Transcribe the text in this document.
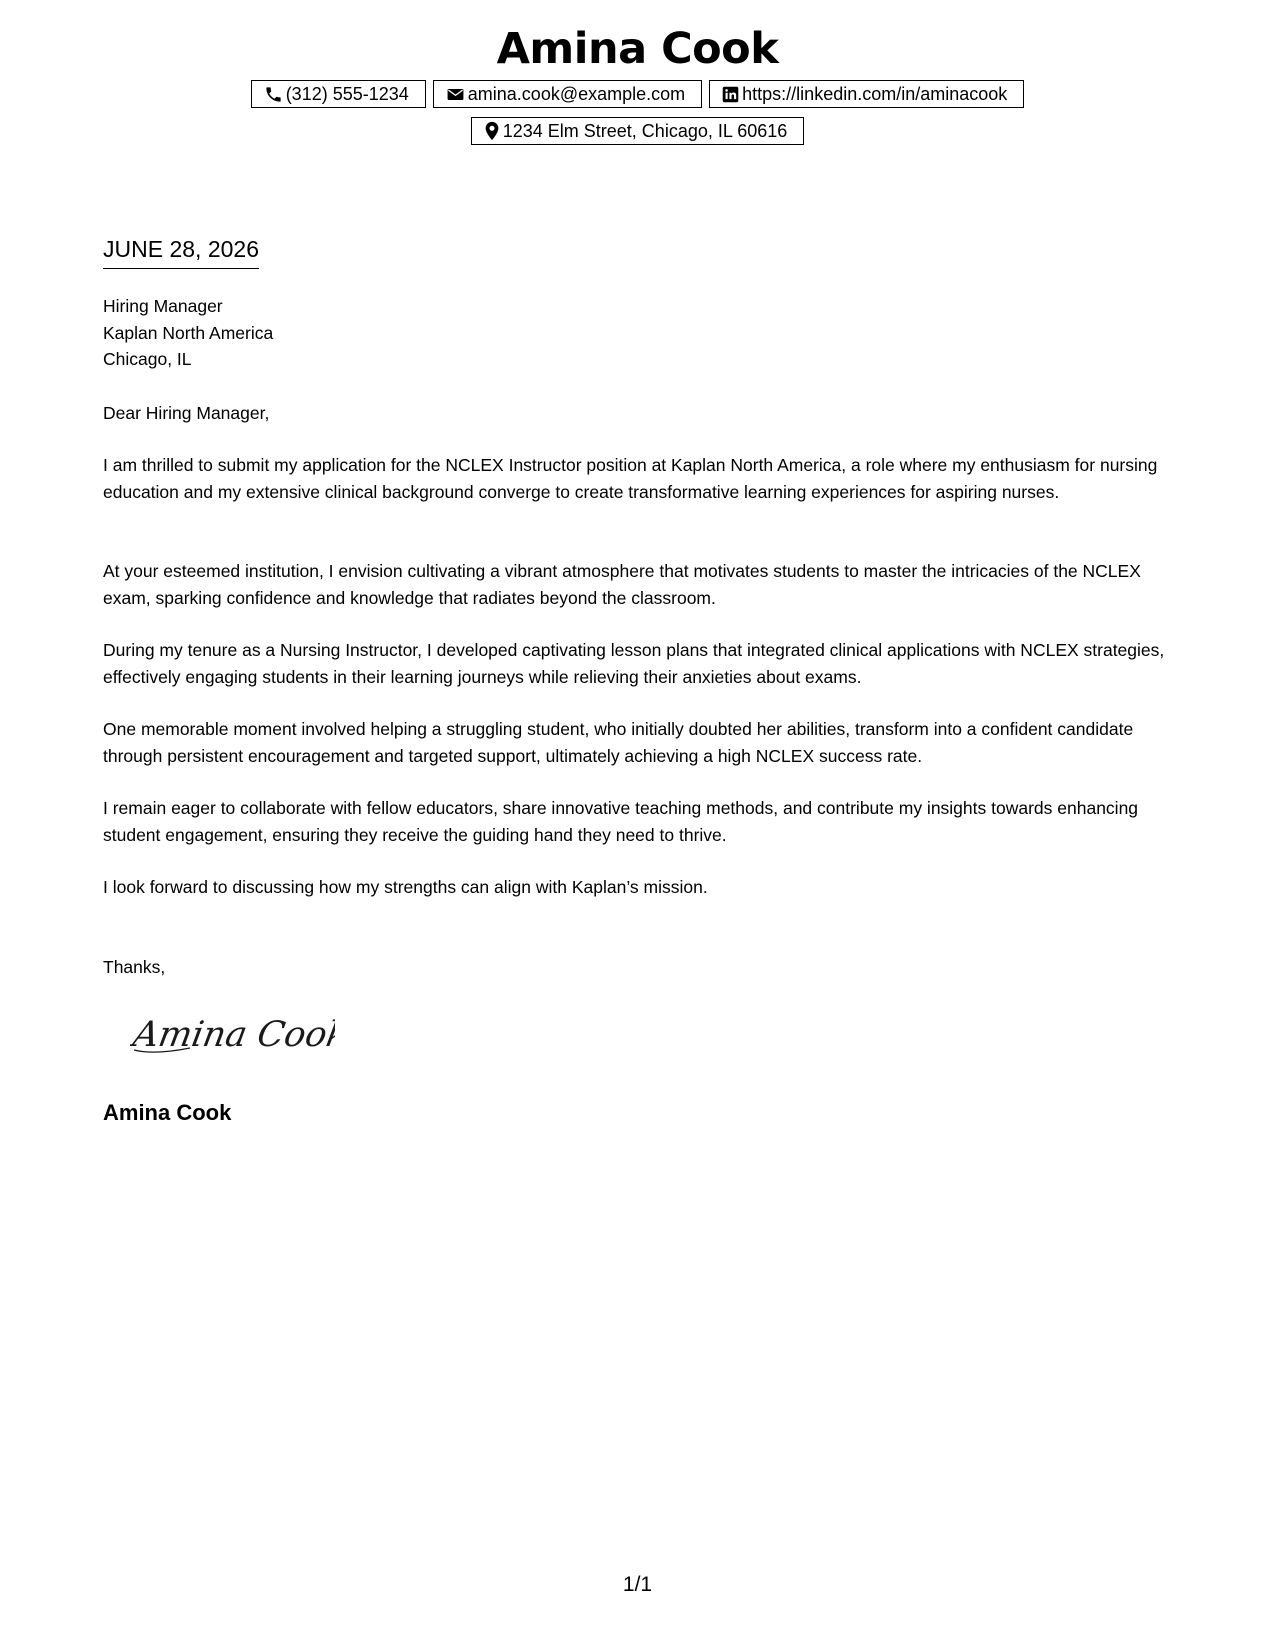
Amina Cook
(312) 555-1234	amina.cook@example.com	https://linkedin.com/in/aminacook
1234 Elm Street, Chicago, IL 60616
JUNE 28, 2026

Hiring Manager

Kaplan North America

Chicago, IL

Dear Hiring Manager,
I am thrilled to submit my application for the NCLEX Instructor position at Kaplan North America, a role where my enthusiasm for nursing education and my extensive clinical background converge to create transformative learning experiences for aspiring nurses.
At your esteemed institution, I envision cultivating a vibrant atmosphere that motivates students to master the intricacies of the NCLEX exam, sparking confidence and knowledge that radiates beyond the classroom.
During my tenure as a Nursing Instructor, I developed captivating lesson plans that integrated clinical applications with NCLEX strategies, effectively engaging students in their learning journeys while relieving their anxieties about exams.
One memorable moment involved helping a struggling student, who initially doubted her abilities, transform into a confident candidate through persistent encouragement and targeted support, ultimately achieving a high NCLEX success rate.
I remain eager to collaborate with fellow educators, share innovative teaching methods, and contribute my insights towards enhancing student engagement, ensuring they receive the guiding hand they need to thrive.
I look forward to discussing how my strengths can align with Kaplan’s mission.
Thanks,
Amina Cook
Amina Cook
1/1
